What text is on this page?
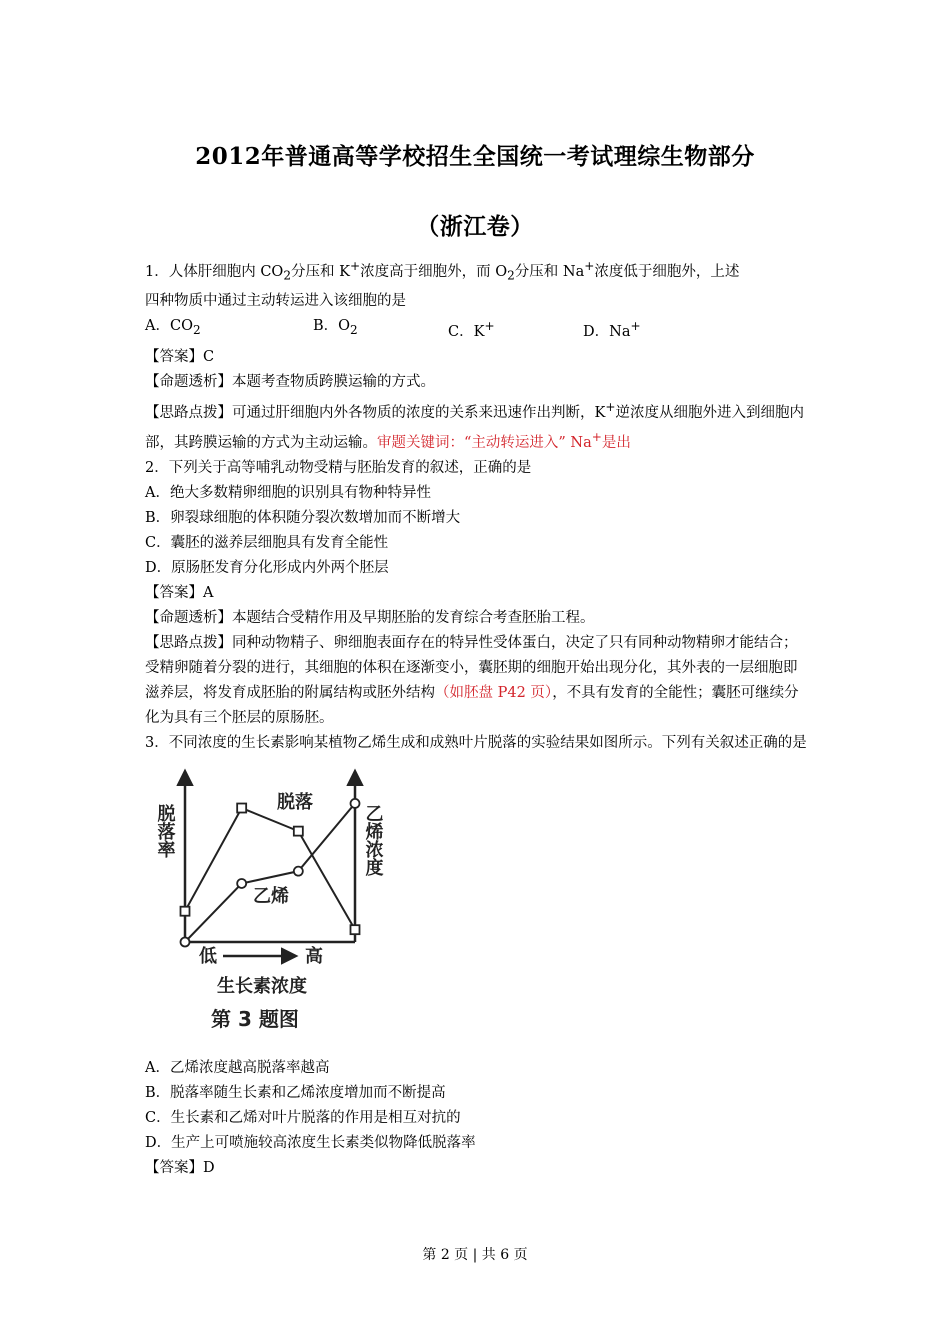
2012年普通高等学校招生全国统一考试理综生物部分
（浙江卷）
1．人体肝细胞内 $CO_2$分压和 K+浓度高于细胞外，而 $O_2$分压和 Na+浓度低于细胞外，上述
四种物质中通过主动转运进入该细胞的是
A．$CO_2$	B．$O_2$	C．K+	D．Na+
【答案】C
【命题透析】本题考查物质跨膜运输的方式。
【思路点拨】可通过肝细胞内外各物质的浓度的关系来迅速作出判断，K+逆浓度从细胞外进入到细胞内部，其跨膜运输的方式为主动运输。审题关键词：“主动转运进入” Na+是出
2．下列关于高等哺乳动物受精与胚胎发育的叙述，正确的是
A．绝大多数精卵细胞的识别具有物种特异性
B．卵裂球细胞的体积随分裂次数增加而不断增大
C．囊胚的滋养层细胞具有发育全能性
D．原肠胚发育分化形成内外两个胚层
【答案】A
【命题透析】本题结合受精作用及早期胚胎的发育综合考查胚胎工程。
【思路点拨】同种动物精子、卵细胞表面存在的特异性受体蛋白，决定了只有同种动物精卵才能结合；受精卵随着分裂的进行，其细胞的体积在逐渐变小，囊胚期的细胞开始出现分化，其外表的一层细胞即滋养层，将发育成胚胎的附属结构或胚外结构（如胚盘 P42 页），不具有发育的全能性；囊胚可继续分化为具有三个胚层的原肠胚。
3．不同浓度的生长素影响某植物乙烯生成和成熟叶片脱落的实验结果如图所示。下列有关叙述正确的是
脱落率	乙烯浓度
脱落
乙烯
低	高
生长素浓度
第 3 题图
A．乙烯浓度越高脱落率越高
B．脱落率随生长素和乙烯浓度增加而不断提高
C．生长素和乙烯对叶片脱落的作用是相互对抗的
D．生产上可喷施较高浓度生长素类似物降低脱落率
【答案】D
第 2 页 | 共 6 页
